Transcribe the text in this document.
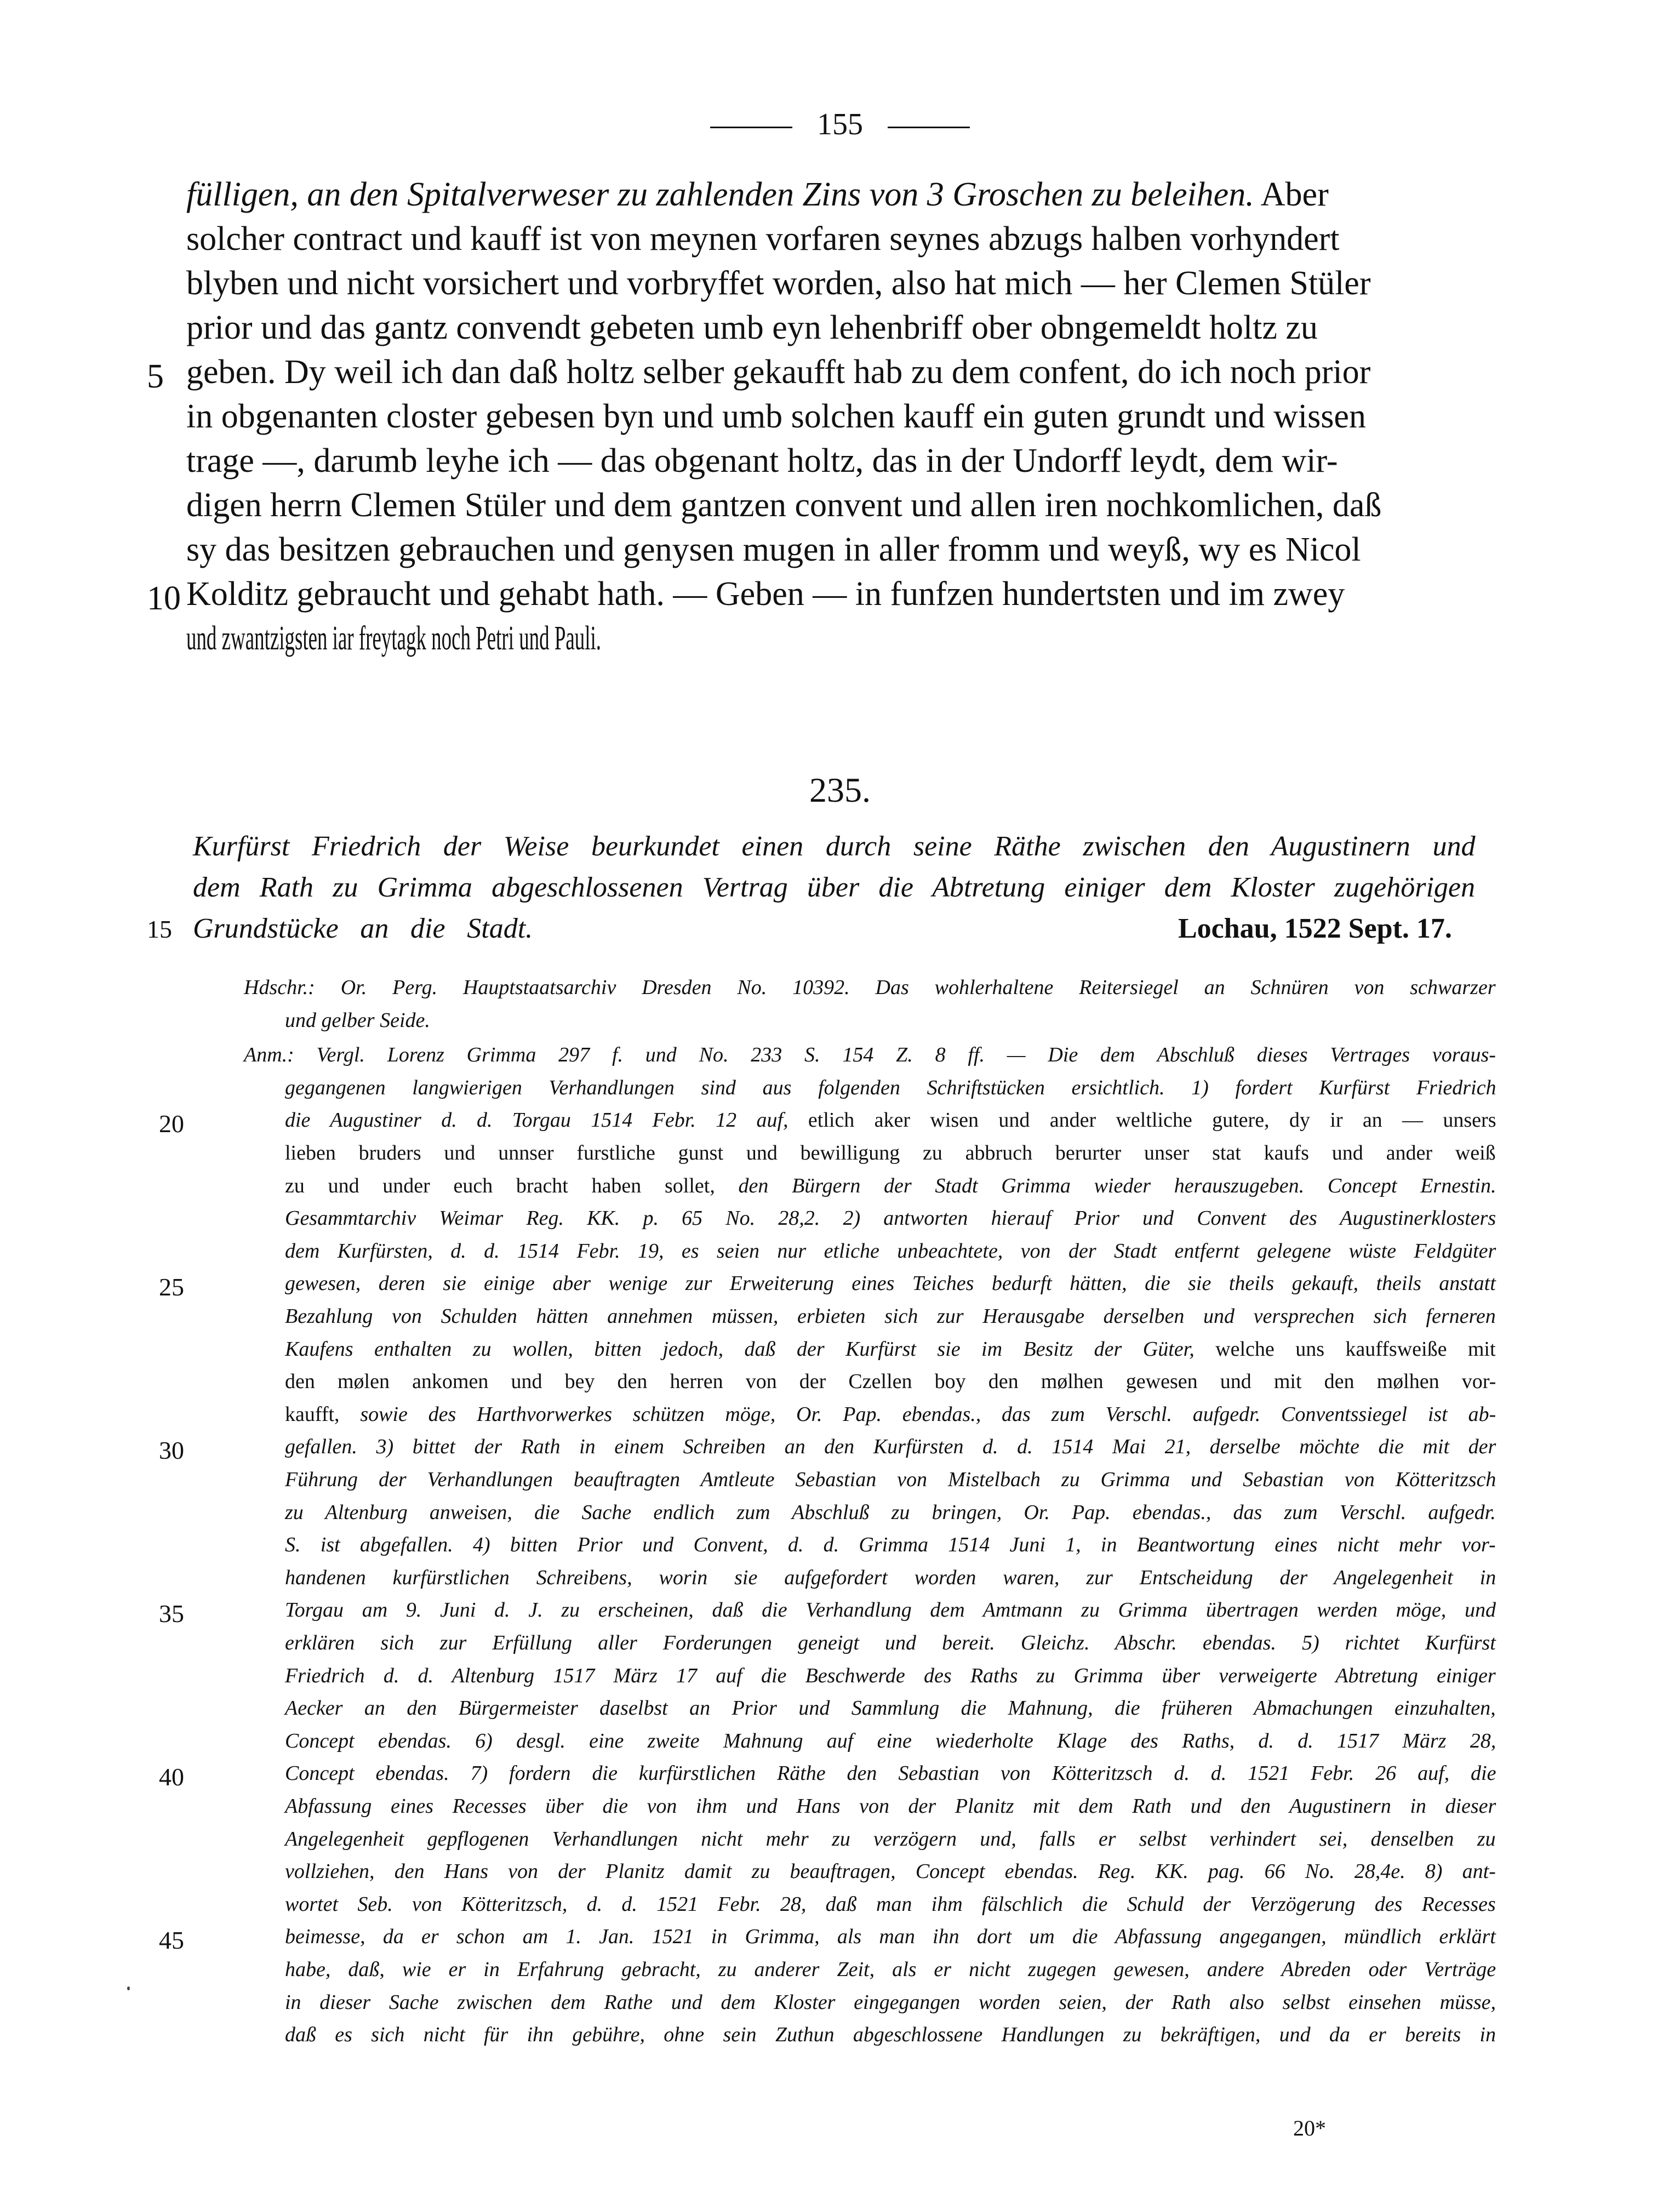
155
fülligen, an den Spitalverweser zu zahlenden Zins von 3 Groschen zu beleihen. Aber
solcher contract und kauff ist von meynen vorfaren seynes abzugs halben vorhyndert
blyben und nicht vorsichert und vorbryffet worden, also hat mich — her Clemen Stüler
prior und das gantz convendt gebeten umb eyn lehenbriff ober obngemeldt holtz zu
geben. Dy weil ich dan daß holtz selber gekaufft hab zu dem confent, do ich noch prior
in obgenanten closter gebesen byn und umb solchen kauff ein guten grundt und wissen
trage —, darumb leyhe ich — das obgenant holtz, das in der Undorff leydt, dem wir-
digen herrn Clemen Stüler und dem gantzen convent und allen iren nochkomlichen, daß
sy das besitzen gebrauchen und genysen mugen in aller fromm und weyß, wy es Nicol
Kolditz gebraucht und gehabt hath. — Geben — in funfzen hundertsten und im zwey
und zwantzigsten iar freytagk noch Petri und Pauli.
5
10
235.
Kurfürst Friedrich der Weise beurkundet einen durch seine Räthe zwischen den Augustinern und
dem Rath zu Grimma abgeschlossenen Vertrag über die Abtretung einiger dem Kloster zugehörigen
Grundstücke an die Stadt.
15	Lochau, 1522 Sept. 17.
Hdschr.: Or. Perg. Hauptstaatsarchiv Dresden No. 10392. Das wohlerhaltene Reitersiegel an Schnüren von schwarzer
und gelber Seide.
Anm.: Vergl. Lorenz Grimma 297 f. und No. 233 S. 154 Z. 8 ff. — Die dem Abschluß dieses Vertrages voraus-
gegangenen langwierigen Verhandlungen sind aus folgenden Schriftstücken ersichtlich. 1) fordert Kurfürst Friedrich
die Augustiner d. d. Torgau 1514 Febr. 12 auf, etlich aker wisen und ander weltliche gutere, dy ir an — unsers
lieben bruders und unnser furstliche gunst und bewilligung zu abbruch berurter unser stat kaufs und ander weiß
zu und under euch bracht haben sollet, den Bürgern der Stadt Grimma wieder herauszugeben. Concept Ernestin.
Gesammtarchiv Weimar Reg. KK. p. 65 No. 28,2. 2) antworten hierauf Prior und Convent des Augustinerklosters
dem Kurfürsten, d. d. 1514 Febr. 19, es seien nur etliche unbeachtete, von der Stadt entfernt gelegene wüste Feldgüter
gewesen, deren sie einige aber wenige zur Erweiterung eines Teiches bedurft hätten, die sie theils gekauft, theils anstatt
Bezahlung von Schulden hätten annehmen müssen, erbieten sich zur Herausgabe derselben und versprechen sich ferneren
Kaufens enthalten zu wollen, bitten jedoch, daß der Kurfürst sie im Besitz der Güter, welche uns kauffsweiße mit
den mølen ankomen und bey den herren von der Czellen boy den mølhen gewesen und mit den mølhen vor-
kaufft, sowie des Harthvorwerkes schützen möge, Or. Pap. ebendas., das zum Verschl. aufgedr. Conventssiegel ist ab-
gefallen. 3) bittet der Rath in einem Schreiben an den Kurfürsten d. d. 1514 Mai 21, derselbe möchte die mit der
Führung der Verhandlungen beauftragten Amtleute Sebastian von Mistelbach zu Grimma und Sebastian von Kötteritzsch
zu Altenburg anweisen, die Sache endlich zum Abschluß zu bringen, Or. Pap. ebendas., das zum Verschl. aufgedr.
S. ist abgefallen. 4) bitten Prior und Convent, d. d. Grimma 1514 Juni 1, in Beantwortung eines nicht mehr vor-
handenen kurfürstlichen Schreibens, worin sie aufgefordert worden waren, zur Entscheidung der Angelegenheit in
Torgau am 9. Juni d. J. zu erscheinen, daß die Verhandlung dem Amtmann zu Grimma übertragen werden möge, und
erklären sich zur Erfüllung aller Forderungen geneigt und bereit. Gleichz. Abschr. ebendas. 5) richtet Kurfürst
Friedrich d. d. Altenburg 1517 März 17 auf die Beschwerde des Raths zu Grimma über verweigerte Abtretung einiger
Aecker an den Bürgermeister daselbst an Prior und Sammlung die Mahnung, die früheren Abmachungen einzuhalten,
Concept ebendas. 6) desgl. eine zweite Mahnung auf eine wiederholte Klage des Raths, d. d. 1517 März 28,
Concept ebendas. 7) fordern die kurfürstlichen Räthe den Sebastian von Kötteritzsch d. d. 1521 Febr. 26 auf, die
Abfassung eines Recesses über die von ihm und Hans von der Planitz mit dem Rath und den Augustinern in dieser
Angelegenheit gepflogenen Verhandlungen nicht mehr zu verzögern und, falls er selbst verhindert sei, denselben zu
vollziehen, den Hans von der Planitz damit zu beauftragen, Concept ebendas. Reg. KK. pag. 66 No. 28,4e. 8) ant-
wortet Seb. von Kötteritzsch, d. d. 1521 Febr. 28, daß man ihm fälschlich die Schuld der Verzögerung des Recesses
beimesse, da er schon am 1. Jan. 1521 in Grimma, als man ihn dort um die Abfassung angegangen, mündlich erklärt
habe, daß, wie er in Erfahrung gebracht, zu anderer Zeit, als er nicht zugegen gewesen, andere Abreden oder Verträge
in dieser Sache zwischen dem Rathe und dem Kloster eingegangen worden seien, der Rath also selbst einsehen müsse,
daß es sich nicht für ihn gebühre, ohne sein Zuthun abgeschlossene Handlungen zu bekräftigen, und da er bereits in
20
25
30
35
40
45
20*
